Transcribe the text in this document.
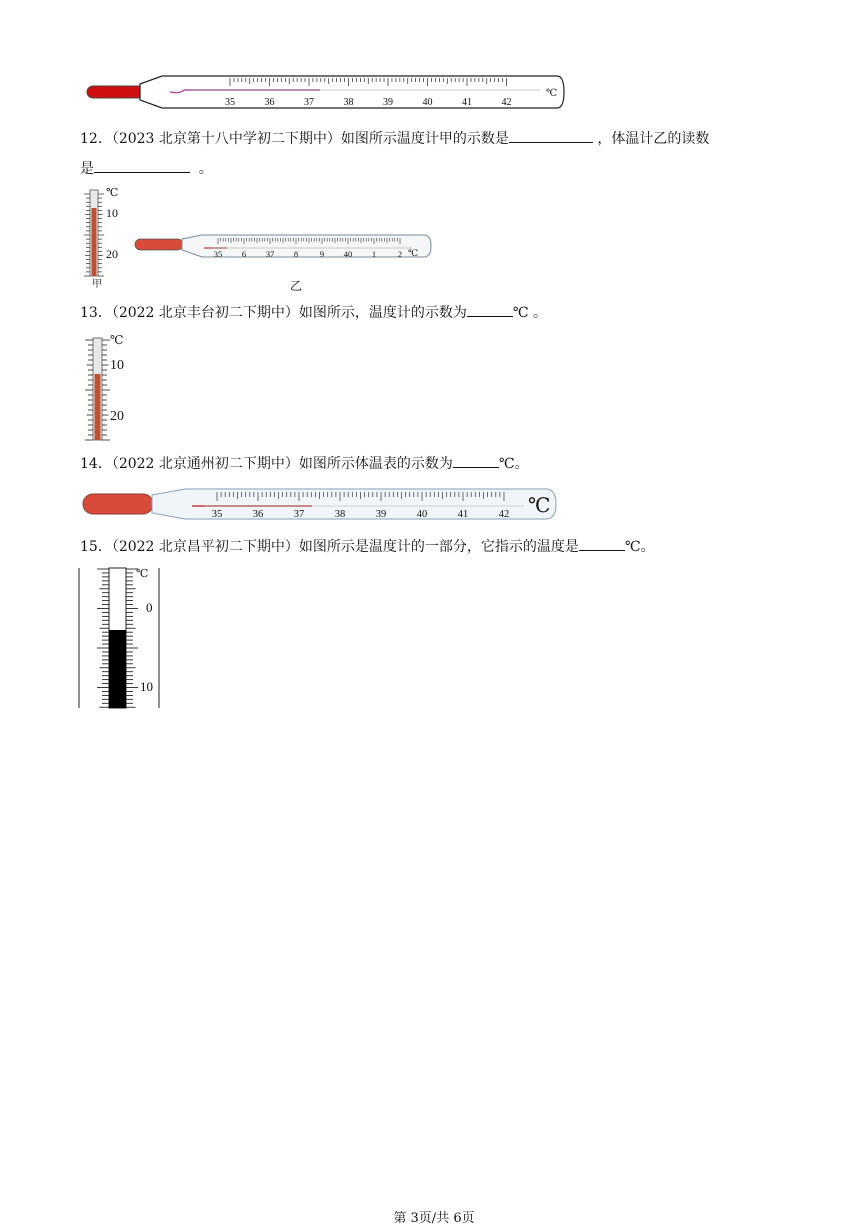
35	36	37	38	39	40	41	42
℃
12．（2023 北京第十八中学初二下期中）如图所示温度计甲的示数是	，体温计乙的读数
是	。
℃
10
20
甲
35 6 37 8	9 40 1	2 ℃
乙
13．（2022 北京丰台初二下期中）如图所示，温度计的示数为	℃ 。
℃
10
20
14．（2022 北京通州初二下期中）如图所示体温表的示数为	℃。
35	36	37	38	39	40	41	42 ℃
15．（2022 北京昌平初二下期中）如图所示是温度计的一部分，它指示的温度是	℃。
℃
0
10
第 3页/共 6页
